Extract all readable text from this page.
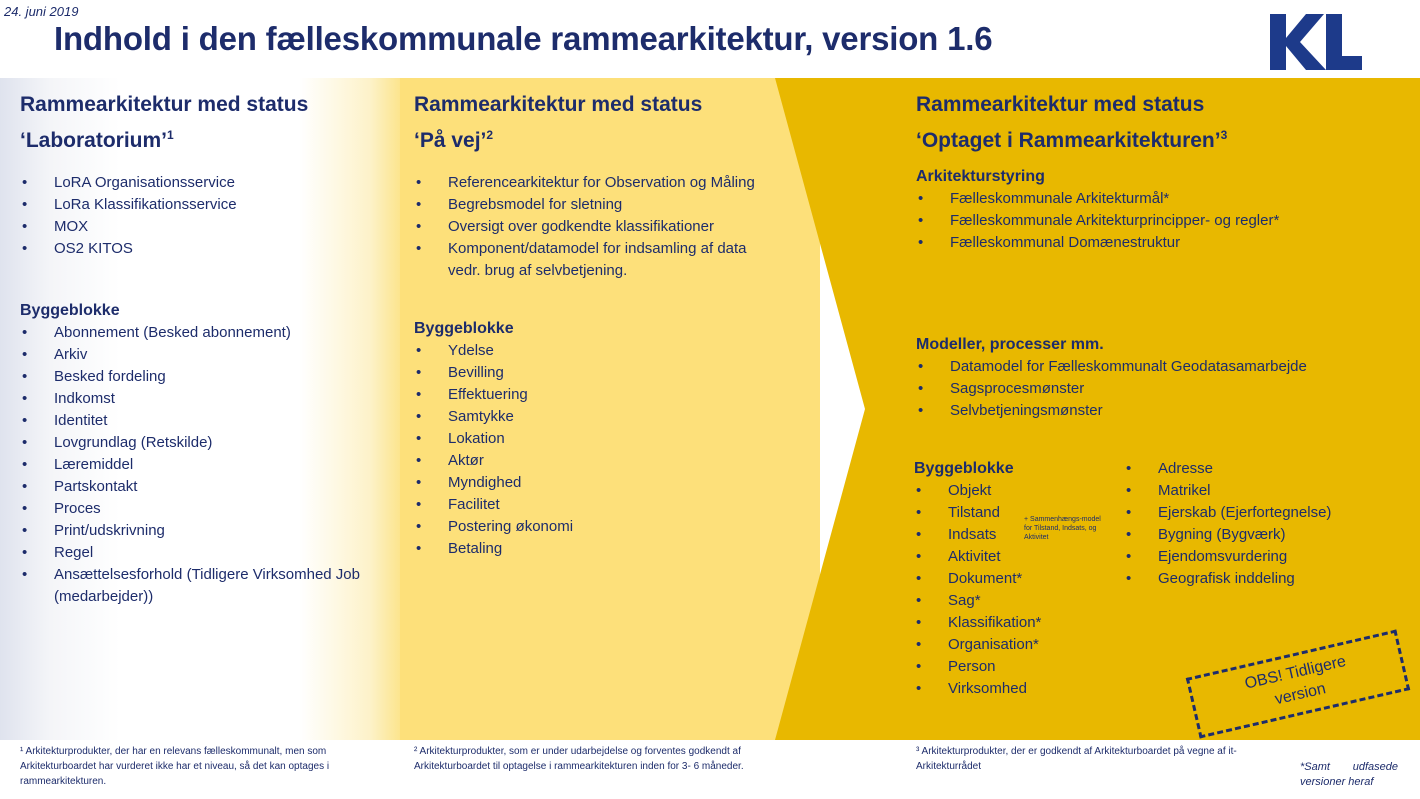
24. juni 2019
Indhold i den fælleskommunale rammearkitektur, version 1.6
Rammearkitektur med status
‘Laboratorium’$^1$
• LoRA Organisationsservice
• LoRa Klassifikationsservice
• MOX
• OS2 KITOS
Byggeblokke
• Abonnement (Besked abonnement)
• Arkiv
• Besked fordeling
• Indkomst
• Identitet
• Lovgrundlag (Retskilde)
• Læremiddel
• Partskontakt
• Proces
• Print/udskrivning
• Regel
• Ansættelsesforhold (Tidligere Virksomhed Job (medarbejder))
Rammearkitektur med status
‘På vej’$^2$
• Referencearkitektur for Observation og Måling
• Begrebsmodel for sletning
• Oversigt over godkendte klassifikationer
• Komponent/datamodel for indsamling af data vedr. brug af selvbetjening.
Byggeblokke
• Ydelse
• Bevilling
• Effektuering
• Samtykke
• Lokation
• Aktør
• Myndighed
• Facilitet
• Postering økonomi
• Betaling
Rammearkitektur med status
‘Optaget i Rammearkitekturen’$^3$
Arkitekturstyring
• Fælleskommunale Arkitekturmål*
• Fælleskommunale Arkitekturprincipper- og regler*
• Fælleskommunal Domænestruktur
Modeller, processer mm.
• Datamodel for Fælleskommunalt Geodatasamarbejde
• Sagsprocesmønster
• Selvbetjeningsmønster
Byggeblokke
• Objekt
• Tilstand
• Indsats
• Aktivitet
• Dokument*
• Sag*
• Klassifikation*
• Organisation*
• Person
• Virksomhed
+ Sammenhængs-model for Tilstand, Indsats, og Aktivitet
• Adresse
• Matrikel
• Ejerskab (Ejerfortegnelse)
• Bygning (Bygværk)
• Ejendomsvurdering
• Geografisk inddeling
OBS! Tidligere version
¹ Arkitekturprodukter, der har en relevans fælleskommunalt, men som Arkitekturboardet har vurderet ikke har et niveau, så det kan optages i rammearkitekturen.
² Arkitekturprodukter, som er under udarbejdelse og forventes godkendt af Arkitekturboardet til optagelse i rammearkitekturen inden for 3- 6 måneder.
³ Arkitekturprodukter, der er godkendt af Arkitekturboardet på vegne af it-Arkitekturrådet	*Samt udfasede versioner heraf
